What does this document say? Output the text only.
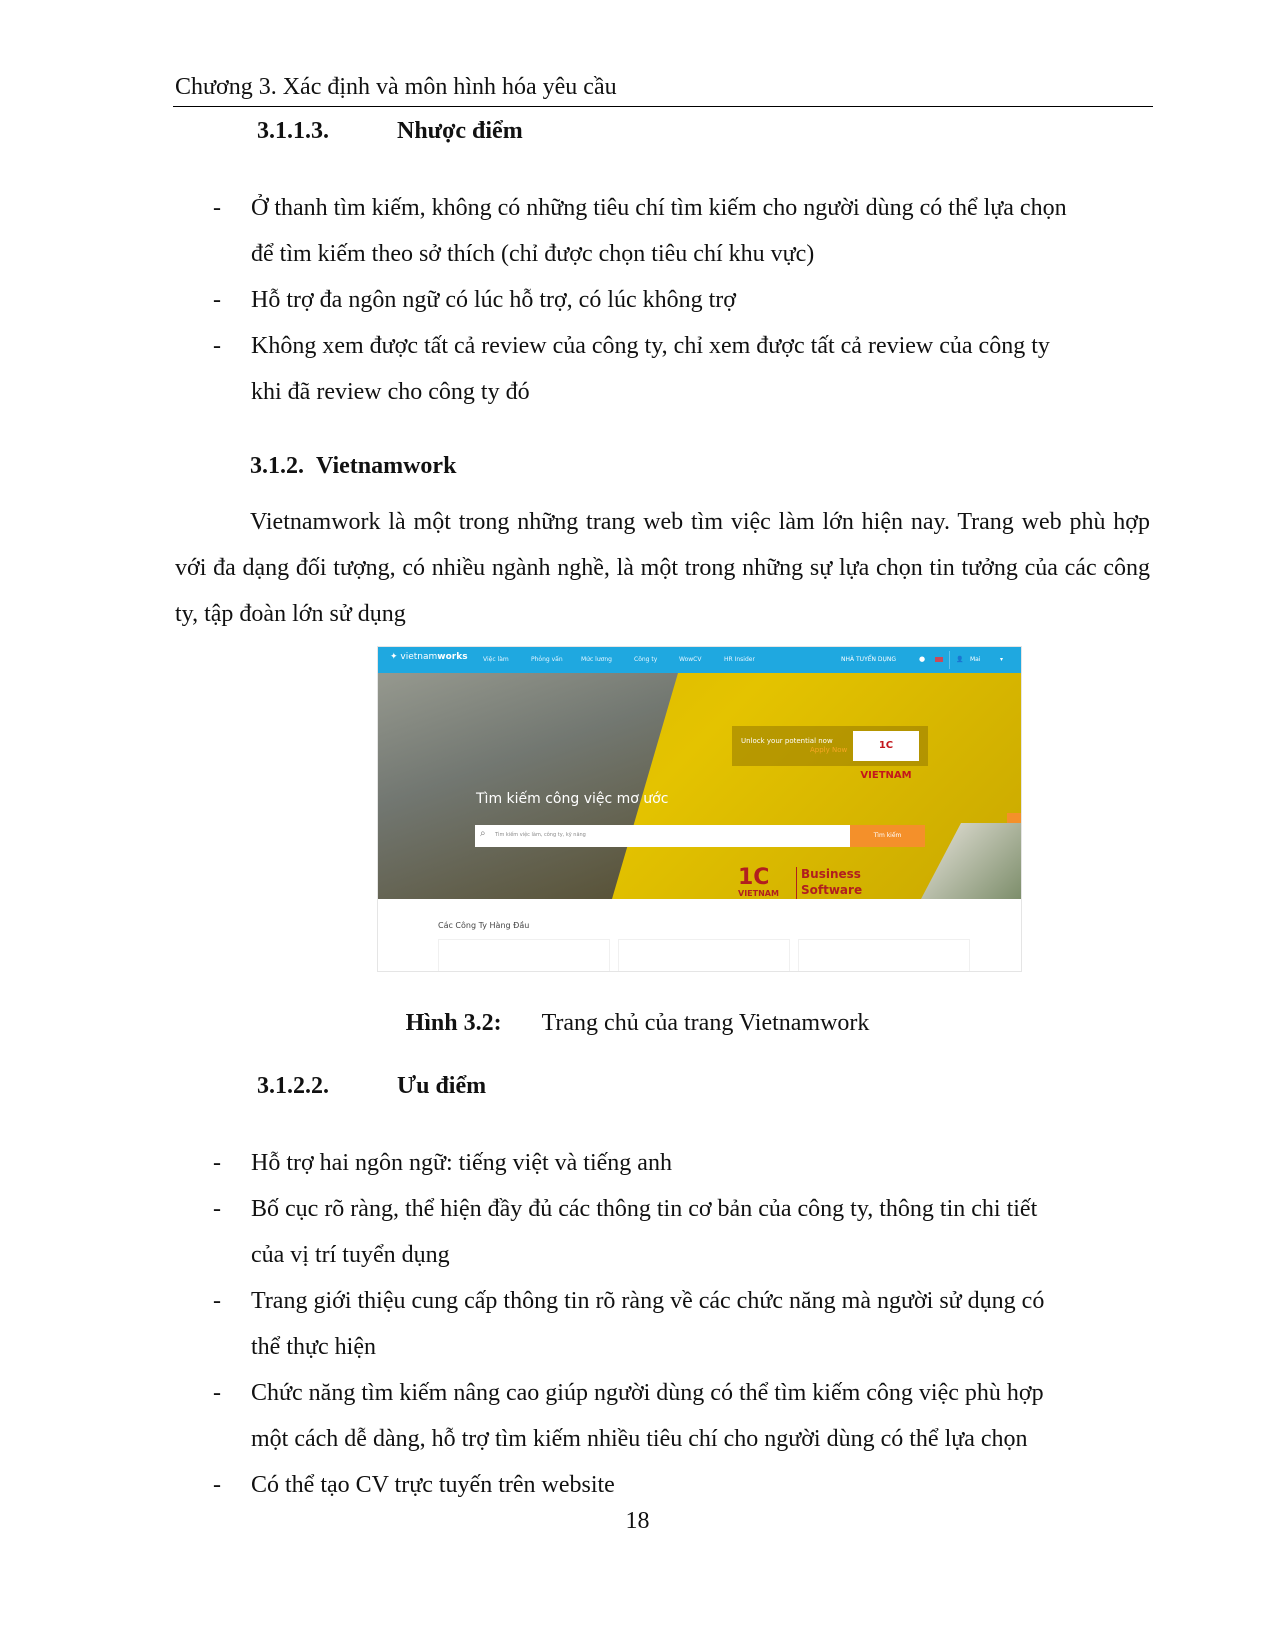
Chương 3. Xác định và môn hình hóa yêu cầu
3.1.1.3.	Nhược điểm
- Ở thanh tìm kiếm, không có những tiêu chí tìm kiếm cho người dùng có thể lựa chọn
để tìm kiếm theo sở thích (chỉ được chọn tiêu chí khu vực)
- Hỗ trợ đa ngôn ngữ có lúc hỗ trợ, có lúc không trợ
- Không xem được tất cả review của công ty, chỉ xem được tất cả review của công ty
khi đã review cho công ty đó
3.1.2. Vietnamwork
Vietnamwork là một trong những trang web tìm việc làm lớn hiện nay. Trang web phù hợp với đa dạng đối tượng, có nhiều ngành nghề, là một trong những sự lựa chọn tin tưởng của các công ty, tập đoàn lớn sử dụng
✦ vietnamworks	Việc làm	Phỏng vấn	Mức lương	Công ty	WowCV	HR Insider	NHÀ TUYỂN DỤNG	●	👤 Mai	▾
Unlock your potential now
Apply Now	1C VIETNAM
Tìm kiếm công việc mơ ước
⌕ Tìm kiếm việc làm, công ty, kỹ năng	Tìm kiếm
1C
VIETNAM
Business
Software
Các Công Ty Hàng Đầu
Hình 3.2: Trang chủ của trang Vietnamwork
3.1.2.2.	Ưu điểm
- Hỗ trợ hai ngôn ngữ: tiếng việt và tiếng anh
- Bố cục rõ ràng, thể hiện đầy đủ các thông tin cơ bản của công ty, thông tin chi tiết
của vị trí tuyển dụng
- Trang giới thiệu cung cấp thông tin rõ ràng về các chức năng mà người sử dụng có
thể thực hiện
- Chức năng tìm kiếm nâng cao giúp người dùng có thể tìm kiếm công việc phù hợp
một cách dễ dàng, hỗ trợ tìm kiếm nhiều tiêu chí cho người dùng có thể lựa chọn
- Có thể tạo CV trực tuyến trên website
18
